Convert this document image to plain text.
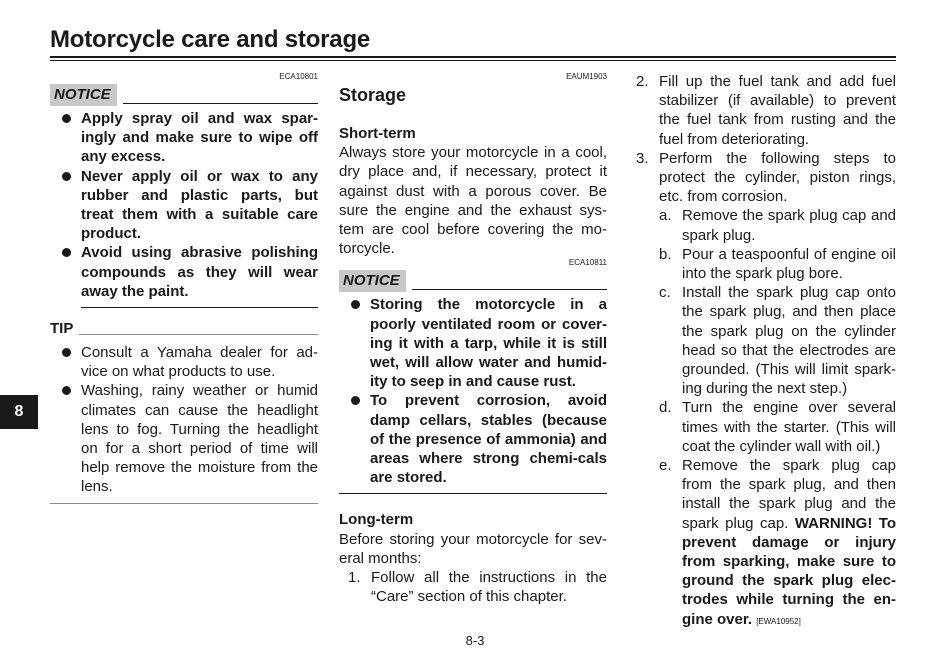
Motorcycle care and storage
ECA10801
NOTICE
Apply spray oil and wax spar-ingly and make sure to wipe off any excess.
Never apply oil or wax to any rubber and plastic parts, but treat them with a suitable care product.
Avoid using abrasive polishing compounds as they will wear away the paint.
TIP
Consult a Yamaha dealer for ad-vice on what products to use.
Washing, rainy weather or humid climates can cause the headlight lens to fog. Turning the headlight on for a short period of time will help remove the moisture from the lens.
EAUM1903
Storage
Short-term

Always store your motorcycle in a cool, dry place and, if necessary, protect it against dust with a porous cover. Be sure the engine and the exhaust sys-tem are cool before covering the mo-torcycle.

ECA10811
NOTICE
Storing the motorcycle in a poorly ventilated room or cover-ing it with a tarp, while it is still wet, will allow water and humid-ity to seep in and cause rust.
To prevent corrosion, avoid damp cellars, stables (because of the presence of ammonia) and areas where strong chemi-cals are stored.
Long-term

Before storing your motorcycle for sev-eral months:

1. Follow all the instructions in the “Care” section of this chapter.
2. Fill up the fuel tank and add fuel stabilizer (if available) to prevent the fuel tank from rusting and the fuel from deteriorating.
3. Perform the following steps to protect the cylinder, piston rings, etc. from corrosion.
a. Remove the spark plug cap and spark plug.
b. Pour a teaspoonful of engine oil into the spark plug bore.
c. Install the spark plug cap onto the spark plug, and then place the spark plug on the cylinder head so that the electrodes are grounded. (This will limit spark-ing during the next step.)
d. Turn the engine over several times with the starter. (This will coat the cylinder wall with oil.)
e. Remove the spark plug cap from the spark plug, and then install the spark plug and the spark plug cap. WARNING! To prevent damage or injury from sparking, make sure to ground the spark plug elec-trodes while turning the en-gine over. [EWA10952]
8
8-3
